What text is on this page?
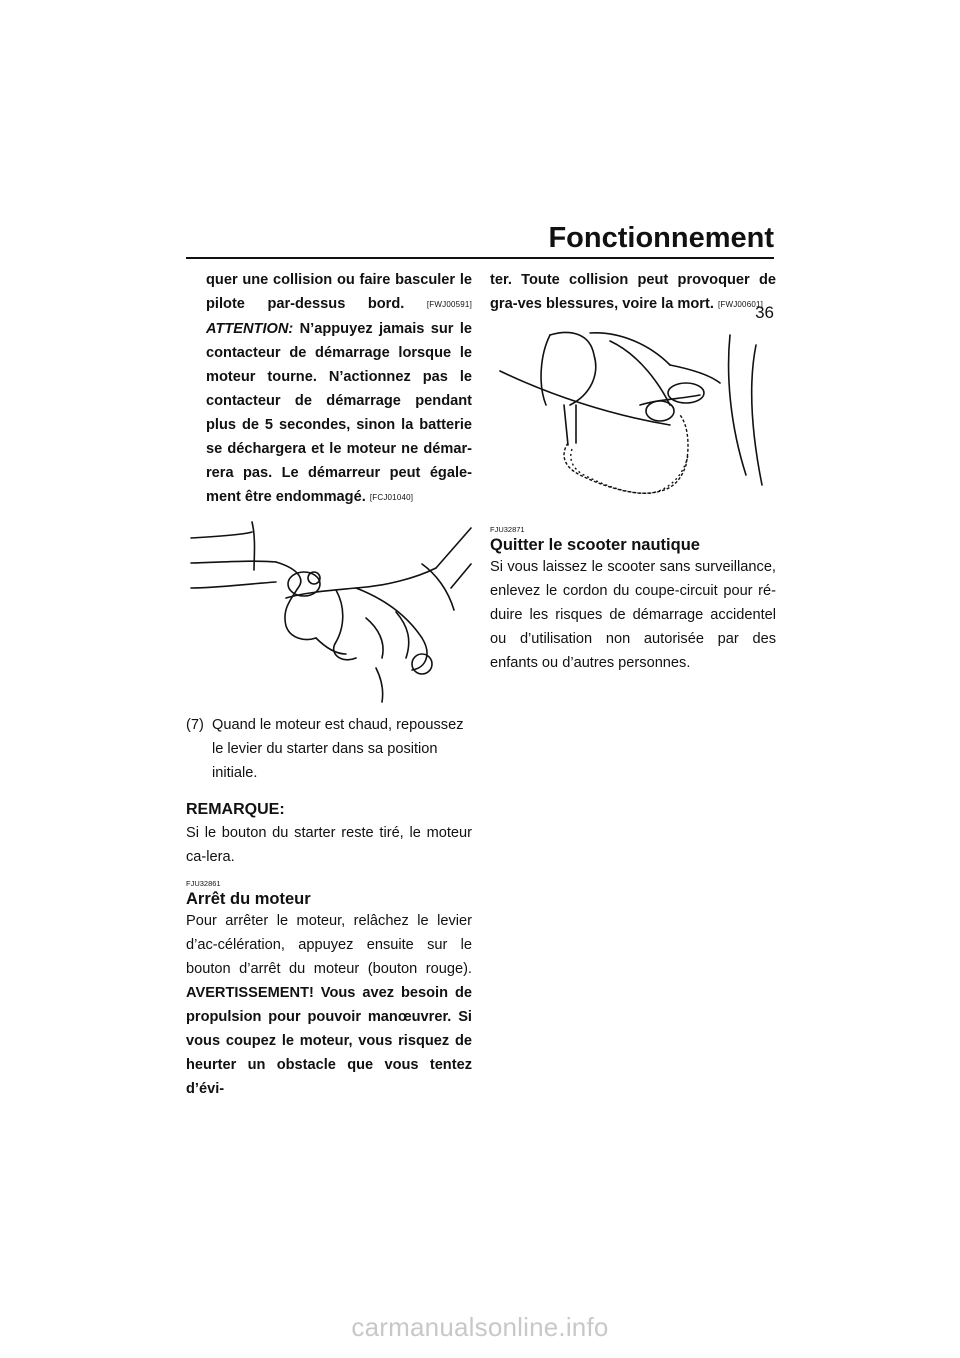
Fonctionnement
36

quer une collision ou faire basculer le pilote par-dessus bord.	[FWJ00591] ATTENTION: N’appuyez jamais sur le contacteur de démarrage lorsque le moteur tourne. N’actionnez pas le contacteur de démarrage pendant plus de 5 secondes, sinon la batterie se déchargera et le moteur ne démar-rera pas. Le démarreur peut égale-ment être endommagé. [FCJ01040]

(7) Quand le moteur est chaud, repoussez le levier du starter dans sa position initiale.
REMARQUE:

Si le bouton du starter reste tiré, le moteur ca-lera.

FJU32861
Arrêt du moteur

Pour arrêter le moteur, relâchez le levier d’ac-célération, appuyez ensuite sur le bouton d’arrêt du moteur (bouton rouge). AVERTISSEMENT! Vous avez besoin de propulsion pour pouvoir manœuvrer. Si vous coupez le moteur, vous risquez de heurter un obstacle que vous tentez d’évi-

ter. Toute collision peut provoquer de gra-ves blessures, voire la mort. [FWJ00601]

FJU32871
Quitter le scooter nautique

Si vous laissez le scooter sans surveillance, enlevez le cordon du coupe-circuit pour ré-duire les risques de démarrage accidentel ou d’utilisation non autorisée par des enfants ou d’autres personnes.

carmanualsonline.info
